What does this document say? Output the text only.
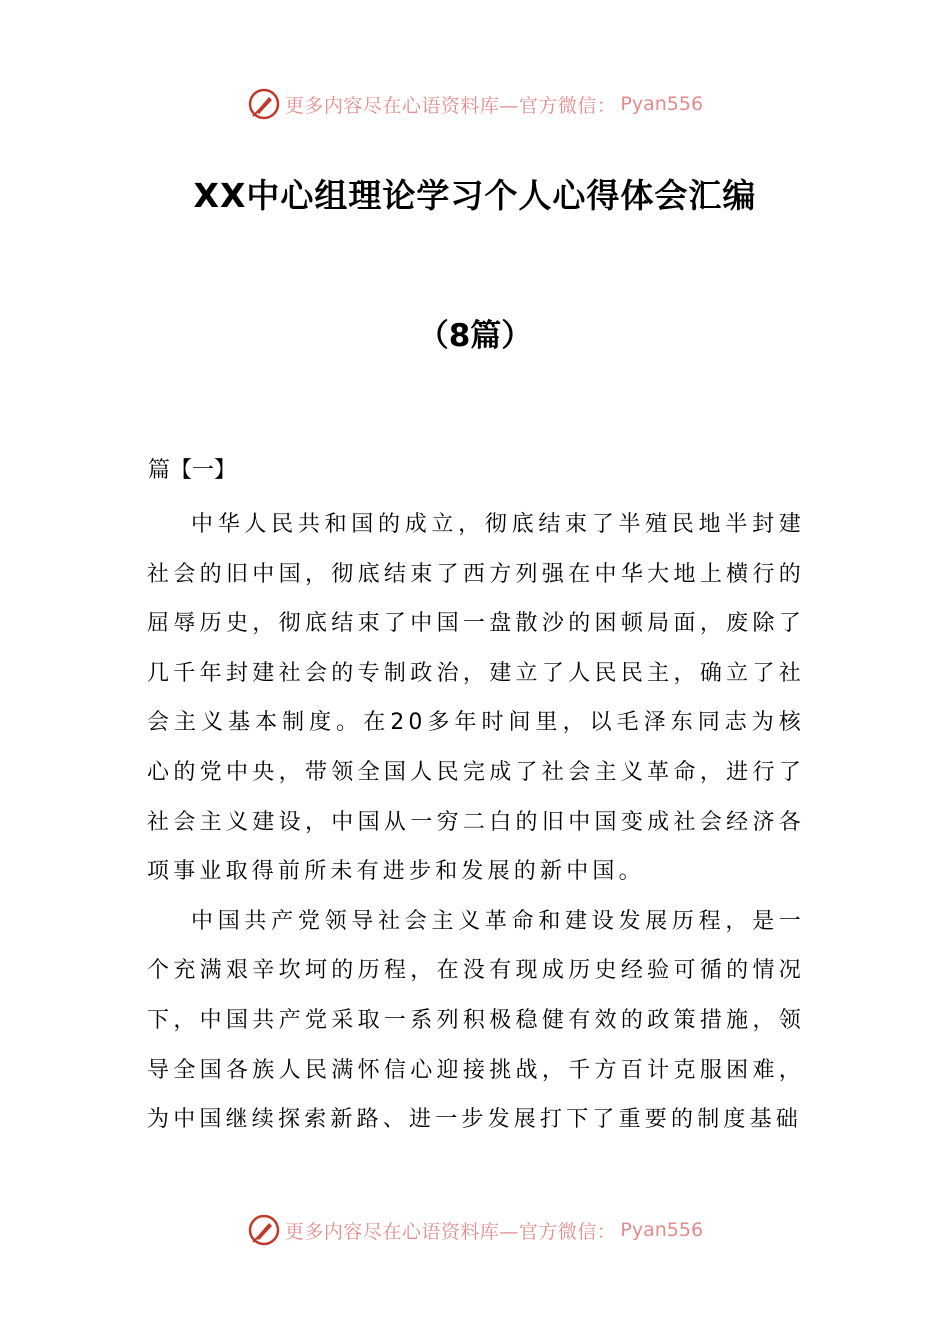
更多内容尽在心语资料库—官方微信： Pyan556
XX中心组理论学习个人心得体会汇编
（8篇）
篇【一】

中华人民共和国的成立，彻底结束了半殖民地半封建社会的旧中国，彻底结束了西方列强在中华大地上横行的屈辱历史，彻底结束了中国一盘散沙的困顿局面，废除了几千年封建社会的专制政治，建立了人民民主，确立了社会主义基本制度。在20多年时间里，以毛泽东同志为核心的党中央，带领全国人民完成了社会主义革命，进行了社会主义建设，中国从一穷二白的旧中国变成社会经济各项事业取得前所未有进步和发展的新中国。

中国共产党领导社会主义革命和建设发展历程，是一个充满艰辛坎坷的历程，在没有现成历史经验可循的情况下，中国共产党采取一系列积极稳健有效的政策措施，领导全国各族人民满怀信心迎接挑战，千方百计克服困难，为中国继续探索新路、进一步发展打下了重要的制度基础

更多内容尽在心语资料库—官方微信： Pyan556
